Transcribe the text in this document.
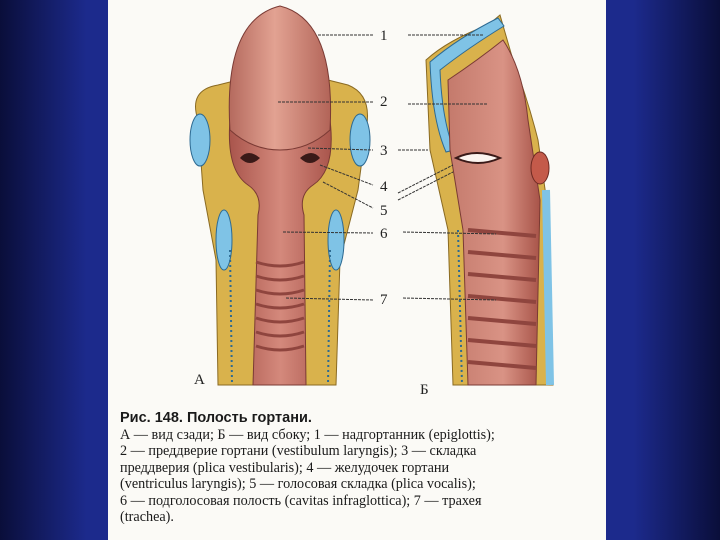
1
2
3
4
5
6
7
А
Б

Рис. 148. Полость гортани.

А — вид сзади; Б — вид сбоку; 1 — надгортанник (epiglottis);

2 — преддверие гортани (vestibulum laryngis); 3 — складка

преддверия (plica vestibularis); 4 — желудочек гортани

(ventriculus laryngis); 5 — голосовая складка (plica vocalis);

6 — подголосовая полость (cavitas infraglottica); 7 — трахея

(trachea).
